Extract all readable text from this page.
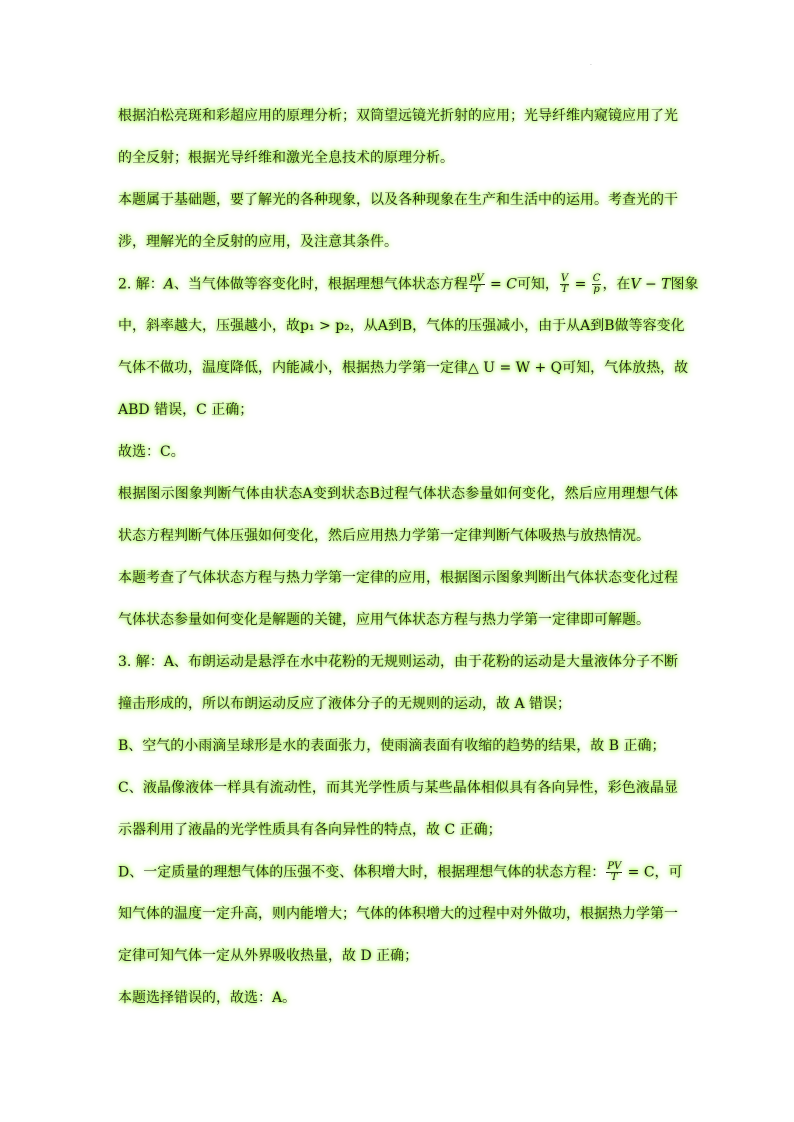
·
根据泊松亮斑和彩超应用的原理分析；双筒望远镜光折射的应用；光导纤维内窥镜应用了光
的全反射；根据光导纤维和激光全息技术的原理分析。
本题属于基础题，要了解光的各种现象，以及各种现象在生产和生活中的运用。考查光的干
涉，理解光的全反射的应用，及注意其条件。
2. 解：A、当气体做等容变化时，根据理想气体状态方程 $\frac{pV}{T} = C$可知， $\frac{V}{T} = \frac{C}{p}$ ，在V − T图象
中，斜率越大，压强越小，故p₁ > p₂，从A到B，气体的压强减小，由于从A到B做等容变化
气体不做功，温度降低，内能减小，根据热力学第一定律△ U = W + Q可知，气体放热，故
ABD 错误，C 正确；
故选：C。
根据图示图象判断气体由状态A变到状态B过程气体状态参量如何变化，然后应用理想气体
状态方程判断气体压强如何变化，然后应用热力学第一定律判断气体吸热与放热情况。
本题考查了气体状态方程与热力学第一定律的应用，根据图示图象判断出气体状态变化过程
气体状态参量如何变化是解题的关键，应用气体状态方程与热力学第一定律即可解题。
3. 解：A、布朗运动是悬浮在水中花粉的无规则运动，由于花粉的运动是大量液体分子不断
撞击形成的，所以布朗运动反应了液体分子的无规则的运动，故 A 错误；
B、空气的小雨滴呈球形是水的表面张力，使雨滴表面有收缩的趋势的结果，故 B 正确；
C、液晶像液体一样具有流动性，而其光学性质与某些晶体相似具有各向异性，彩色液晶显
示器利用了液晶的光学性质具有各向异性的特点，故 C 正确；
D、一定质量的理想气体的压强不变、体积增大时，根据理想气体的状态方程： $\frac{PV}{T} = C$，可
知气体的温度一定升高，则内能增大；气体的体积增大的过程中对外做功，根据热力学第一
定律可知气体一定从外界吸收热量，故 D 正确；
本题选择错误的，故选：A。
